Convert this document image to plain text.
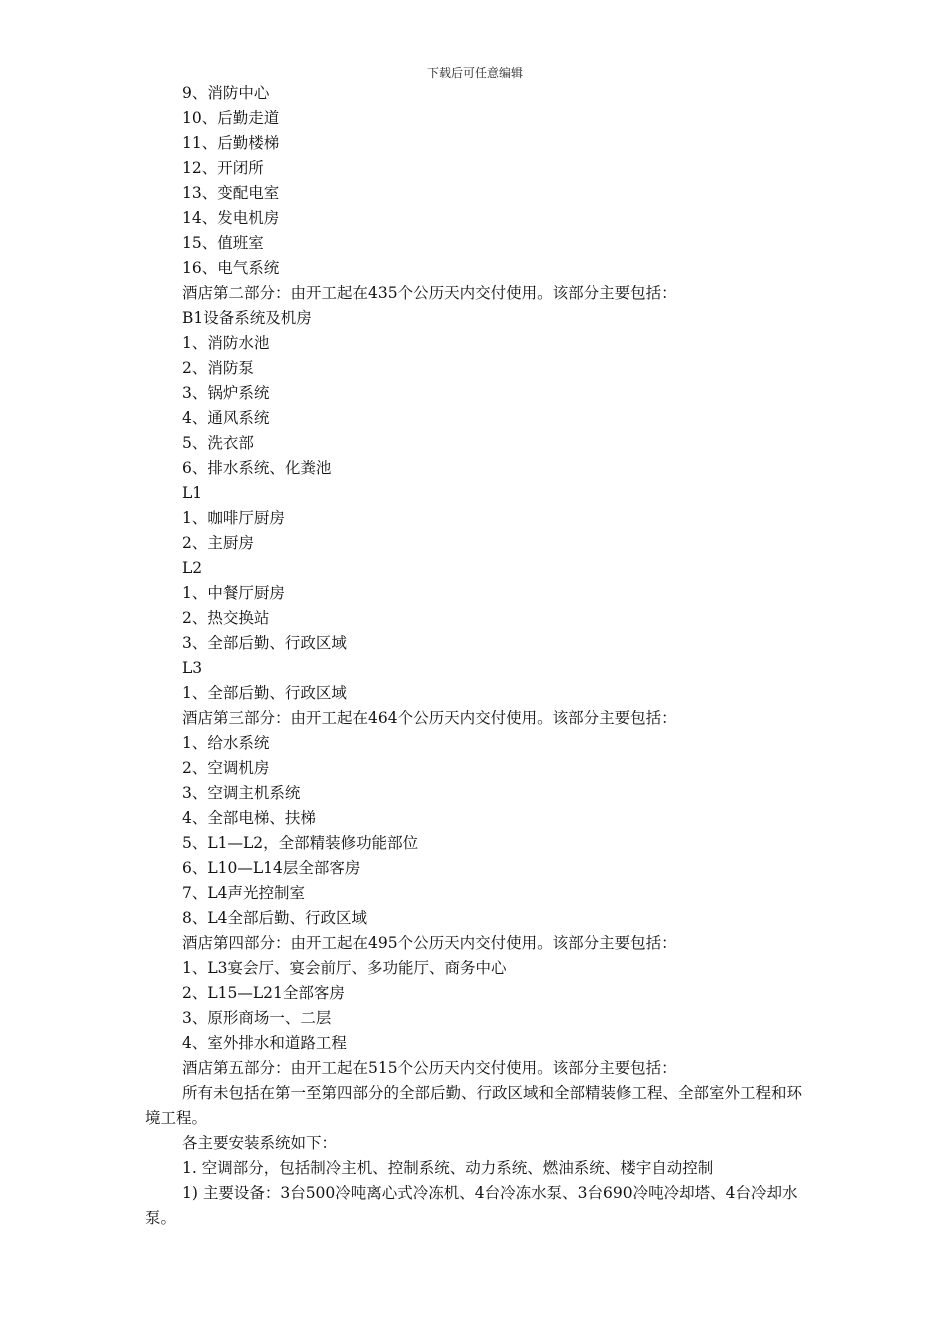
下载后可任意编辑
9、消防中心
10、后勤走道
11、后勤楼梯
12、开闭所
13、变配电室
14、发电机房
15、值班室
16、电气系统
酒店第二部分：由开工起在435个公历天内交付使用。该部分主要包括：
B1设备系统及机房
1、消防水池
2、消防泵
3、锅炉系统
4、通风系统
5、洗衣部
6、排水系统、化粪池
L1
1、咖啡厅厨房
2、主厨房
L2
1、中餐厅厨房
2、热交换站
3、全部后勤、行政区域
L3
1、全部后勤、行政区域
酒店第三部分：由开工起在464个公历天内交付使用。该部分主要包括：
1、给水系统
2、空调机房
3、空调主机系统
4、全部电梯、扶梯
5、L1—L2，全部精装修功能部位
6、L10—L14层全部客房
7、L4声光控制室
8、L4全部后勤、行政区域
酒店第四部分：由开工起在495个公历天内交付使用。该部分主要包括：
1、L3宴会厅、宴会前厅、多功能厅、商务中心
2、L15—L21全部客房
3、原形商场一、二层
4、室外排水和道路工程
酒店第五部分：由开工起在515个公历天内交付使用。该部分主要包括：
所有未包括在第一至第四部分的全部后勤、行政区域和全部精装修工程、全部室外工程和环境工程。
各主要安装系统如下：
1. 空调部分，包括制冷主机、控制系统、动力系统、燃油系统、楼宇自动控制
1) 主要设备：3台500冷吨离心式冷冻机、4台冷冻水泵、3台690冷吨冷却塔、4台冷却水泵。
